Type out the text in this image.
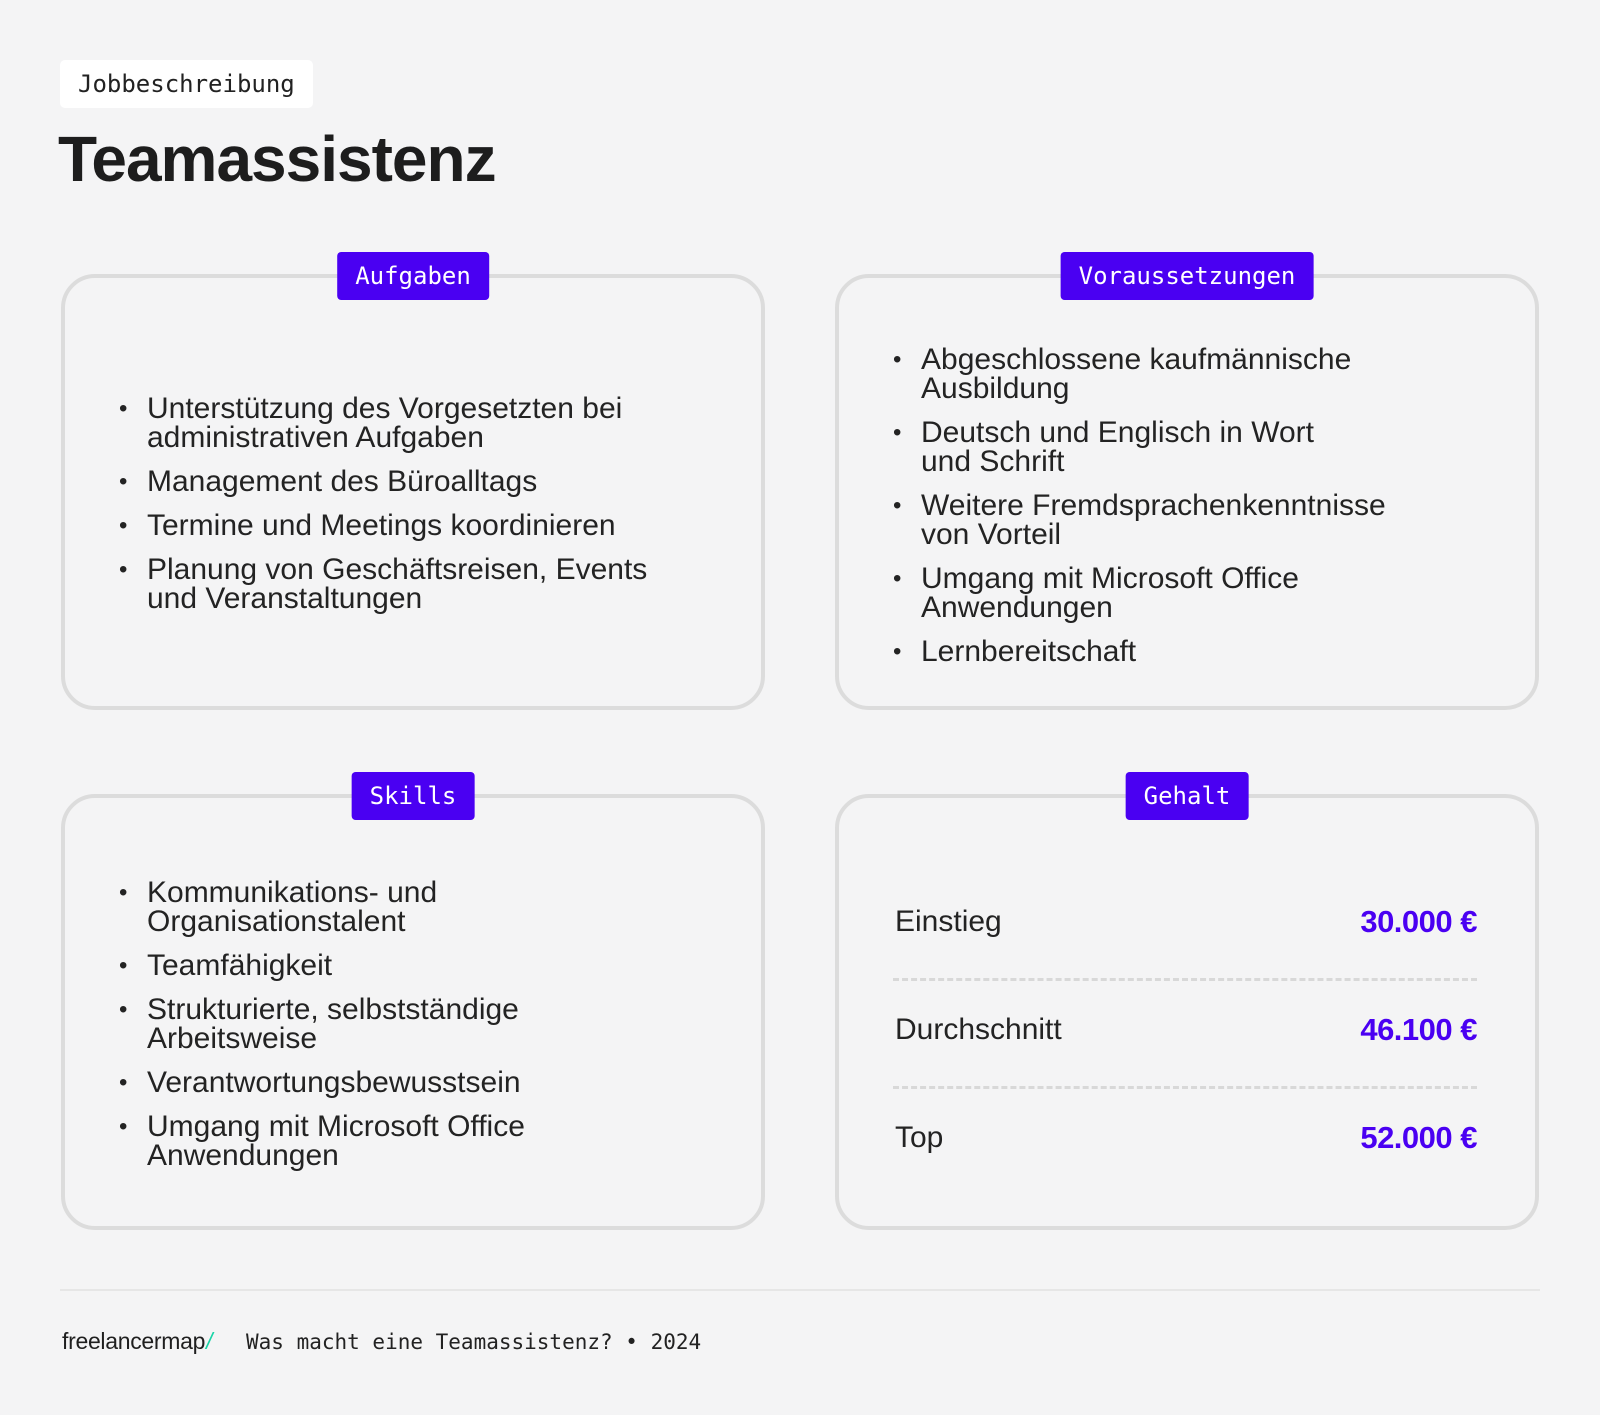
Jobbeschreibung
Teamassistenz
Aufgaben
• Unterstützung des Vorgesetzten bei administrativen Aufgaben
• Management des Büroalltags
• Termine und Meetings koordinieren
• Planung von Geschäftsreisen, Events und Veranstaltungen
Voraussetzungen
• Abgeschlossene kaufmännische Ausbildung
• Deutsch und Englisch in Wort und Schrift
• Weitere Fremdsprachenkenntnisse von Vorteil
• Umgang mit Microsoft Office Anwendungen
• Lernbereitschaft
Skills
• Kommunikations- und Organisationstalent
• Teamfähigkeit
• Strukturierte, selbstständige Arbeitsweise
• Verantwortungsbewusstsein
• Umgang mit Microsoft Office Anwendungen
Gehalt
Einstieg	30.000 €
Durchschnitt	46.100 €
Top	52.000 €
freelancermap/ Was macht eine Teamassistenz? • 2024
